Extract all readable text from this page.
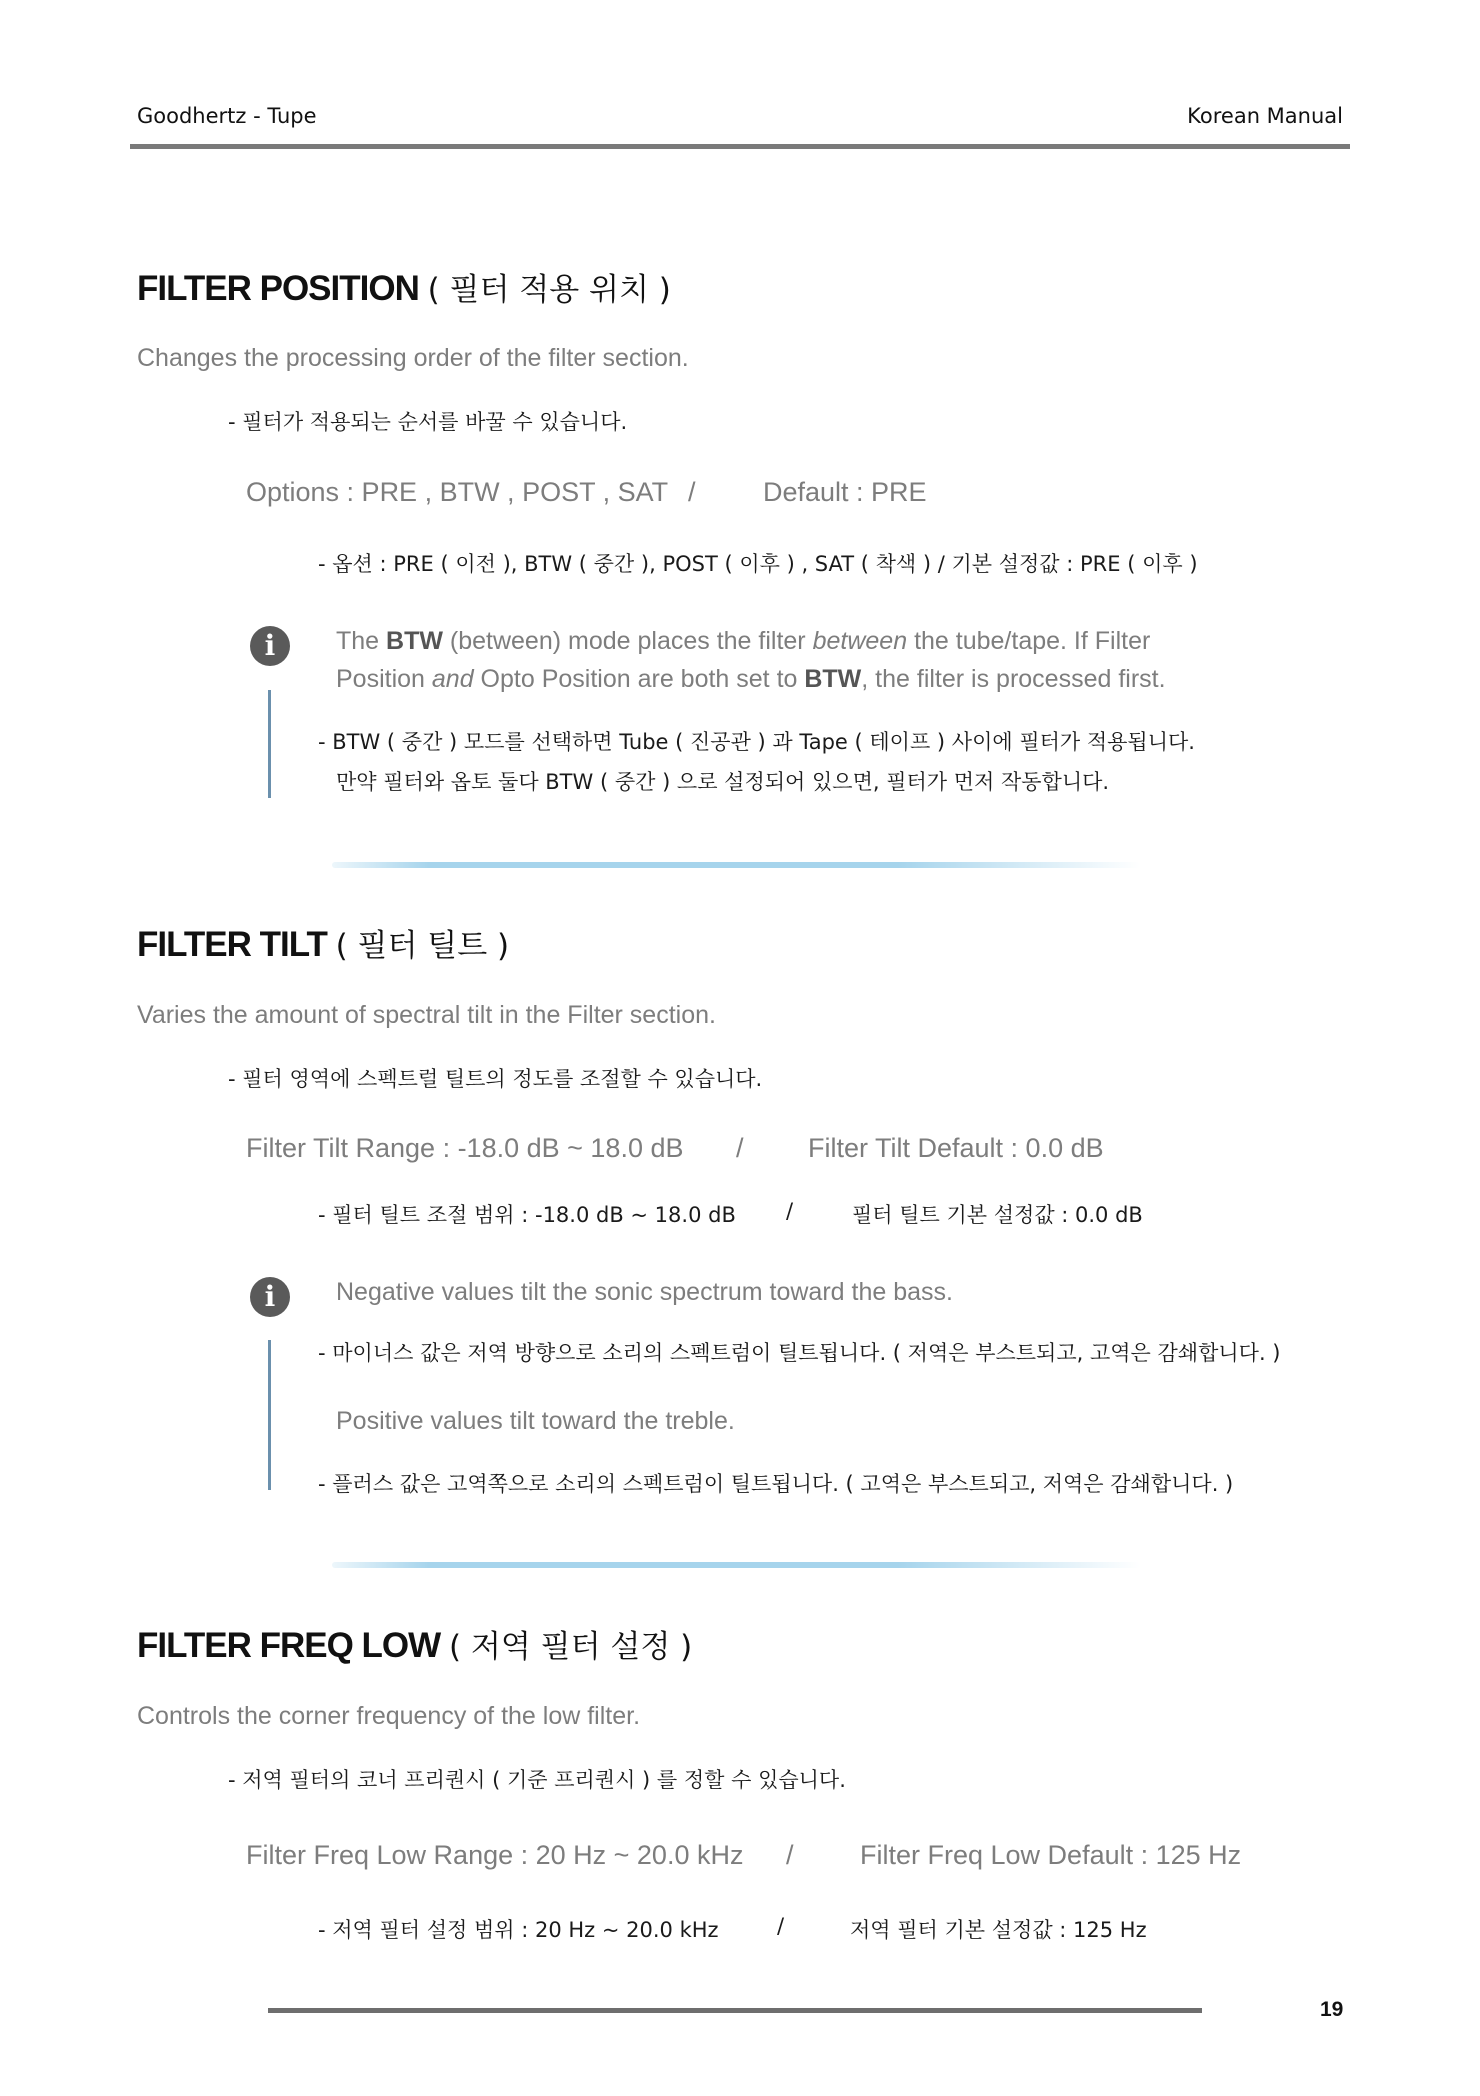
Goodhertz - Tupe	Korean Manual
FILTER POSITION ( 필터 적용 위치 )
Changes the processing order of the filter section.
- 필터가 적용되는 순서를 바꿀 수 있습니다.
Options : PRE , BTW , POST , SAT / Default : PRE
- 옵션 : PRE ( 이전 ), BTW ( 중간 ), POST ( 이후 ) , SAT ( 착색 ) / 기본 설정값 : PRE ( 이후 )
i	The BTW (between) mode places the filter between the tube/tape. If Filter
Position and Opto Position are both set to BTW, the filter is processed first.
- BTW ( 중간 ) 모드를 선택하면 Tube ( 진공관 ) 과 Tape ( 테이프 ) 사이에 필터가 적용됩니다.
만약 필터와 옵토 둘다 BTW ( 중간 ) 으로 설정되어 있으면, 필터가 먼저 작동합니다.
FILTER TILT ( 필터 틸트 )
Varies the amount of spectral tilt in the Filter section.
- 필터 영역에 스펙트럴 틸트의 정도를 조절할 수 있습니다.
Filter Tilt Range : -18.0 dB ~ 18.0 dB / Filter Tilt Default : 0.0 dB
- 필터 틸트 조절 범위 : -18.0 dB ~ 18.0 dB /	필터 틸트 기본 설정값 : 0.0 dB
i	Negative values tilt the sonic spectrum toward the bass.
- 마이너스 값은 저역 방향으로 소리의 스펙트럼이 틸트됩니다. ( 저역은 부스트되고, 고역은 감쇄합니다. )
Positive values tilt toward the treble.
- 플러스 값은 고역쪽으로 소리의 스펙트럼이 틸트됩니다. ( 고역은 부스트되고, 저역은 감쇄합니다. )
FILTER FREQ LOW ( 저역 필터 설정 )
Controls the corner frequency of the low filter.
- 저역 필터의 코너 프리퀀시 ( 기준 프리퀀시 ) 를 정할 수 있습니다.
Filter Freq Low Range : 20 Hz ~ 20.0 kHz / Filter Freq Low Default : 125 Hz
- 저역 필터 설정 범위 : 20 Hz ~ 20.0 kHz	/	저역 필터 기본 설정값 : 125 Hz
19
